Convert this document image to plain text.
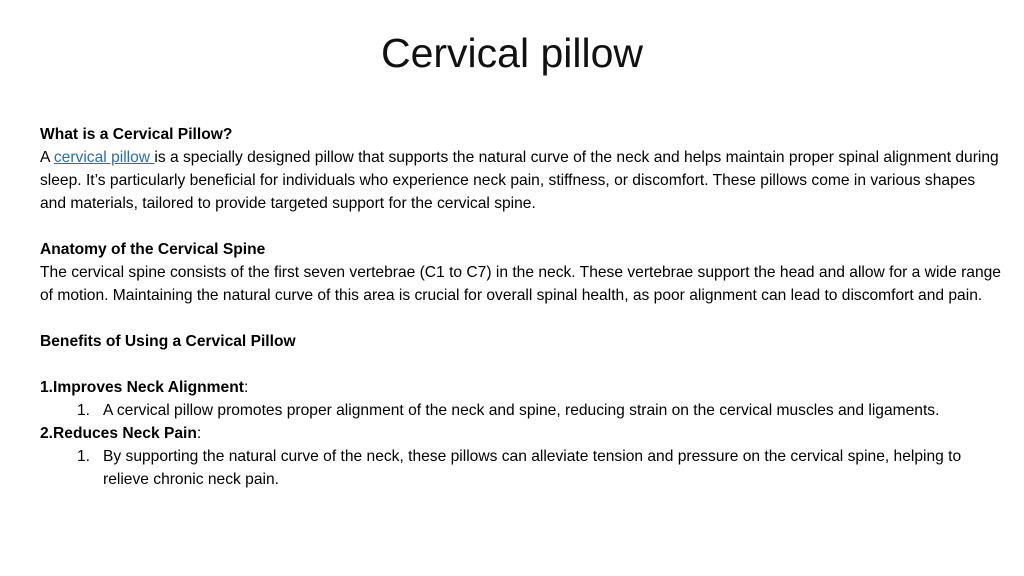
Cervical pillow

What is a Cervical Pillow?

A cervical pillow is a specially designed pillow that supports the natural curve of the neck and helps maintain proper spinal alignment during sleep. It’s particularly beneficial for individuals who experience neck pain, stiffness, or discomfort. These pillows come in various shapes and materials, tailored to provide targeted support for the cervical spine.

Anatomy of the Cervical Spine

The cervical spine consists of the first seven vertebrae (C1 to C7) in the neck. These vertebrae support the head and allow for a wide range of motion. Maintaining the natural curve of this area is crucial for overall spinal health, as poor alignment can lead to discomfort and pain.

Benefits of Using a Cervical Pillow

1.Improves Neck Alignment:

1. A cervical pillow promotes proper alignment of the neck and spine, reducing strain on the cervical muscles and ligaments.

2.Reduces Neck Pain:

1. By supporting the natural curve of the neck, these pillows can alleviate tension and pressure on the cervical spine, helping to relieve chronic neck pain.
